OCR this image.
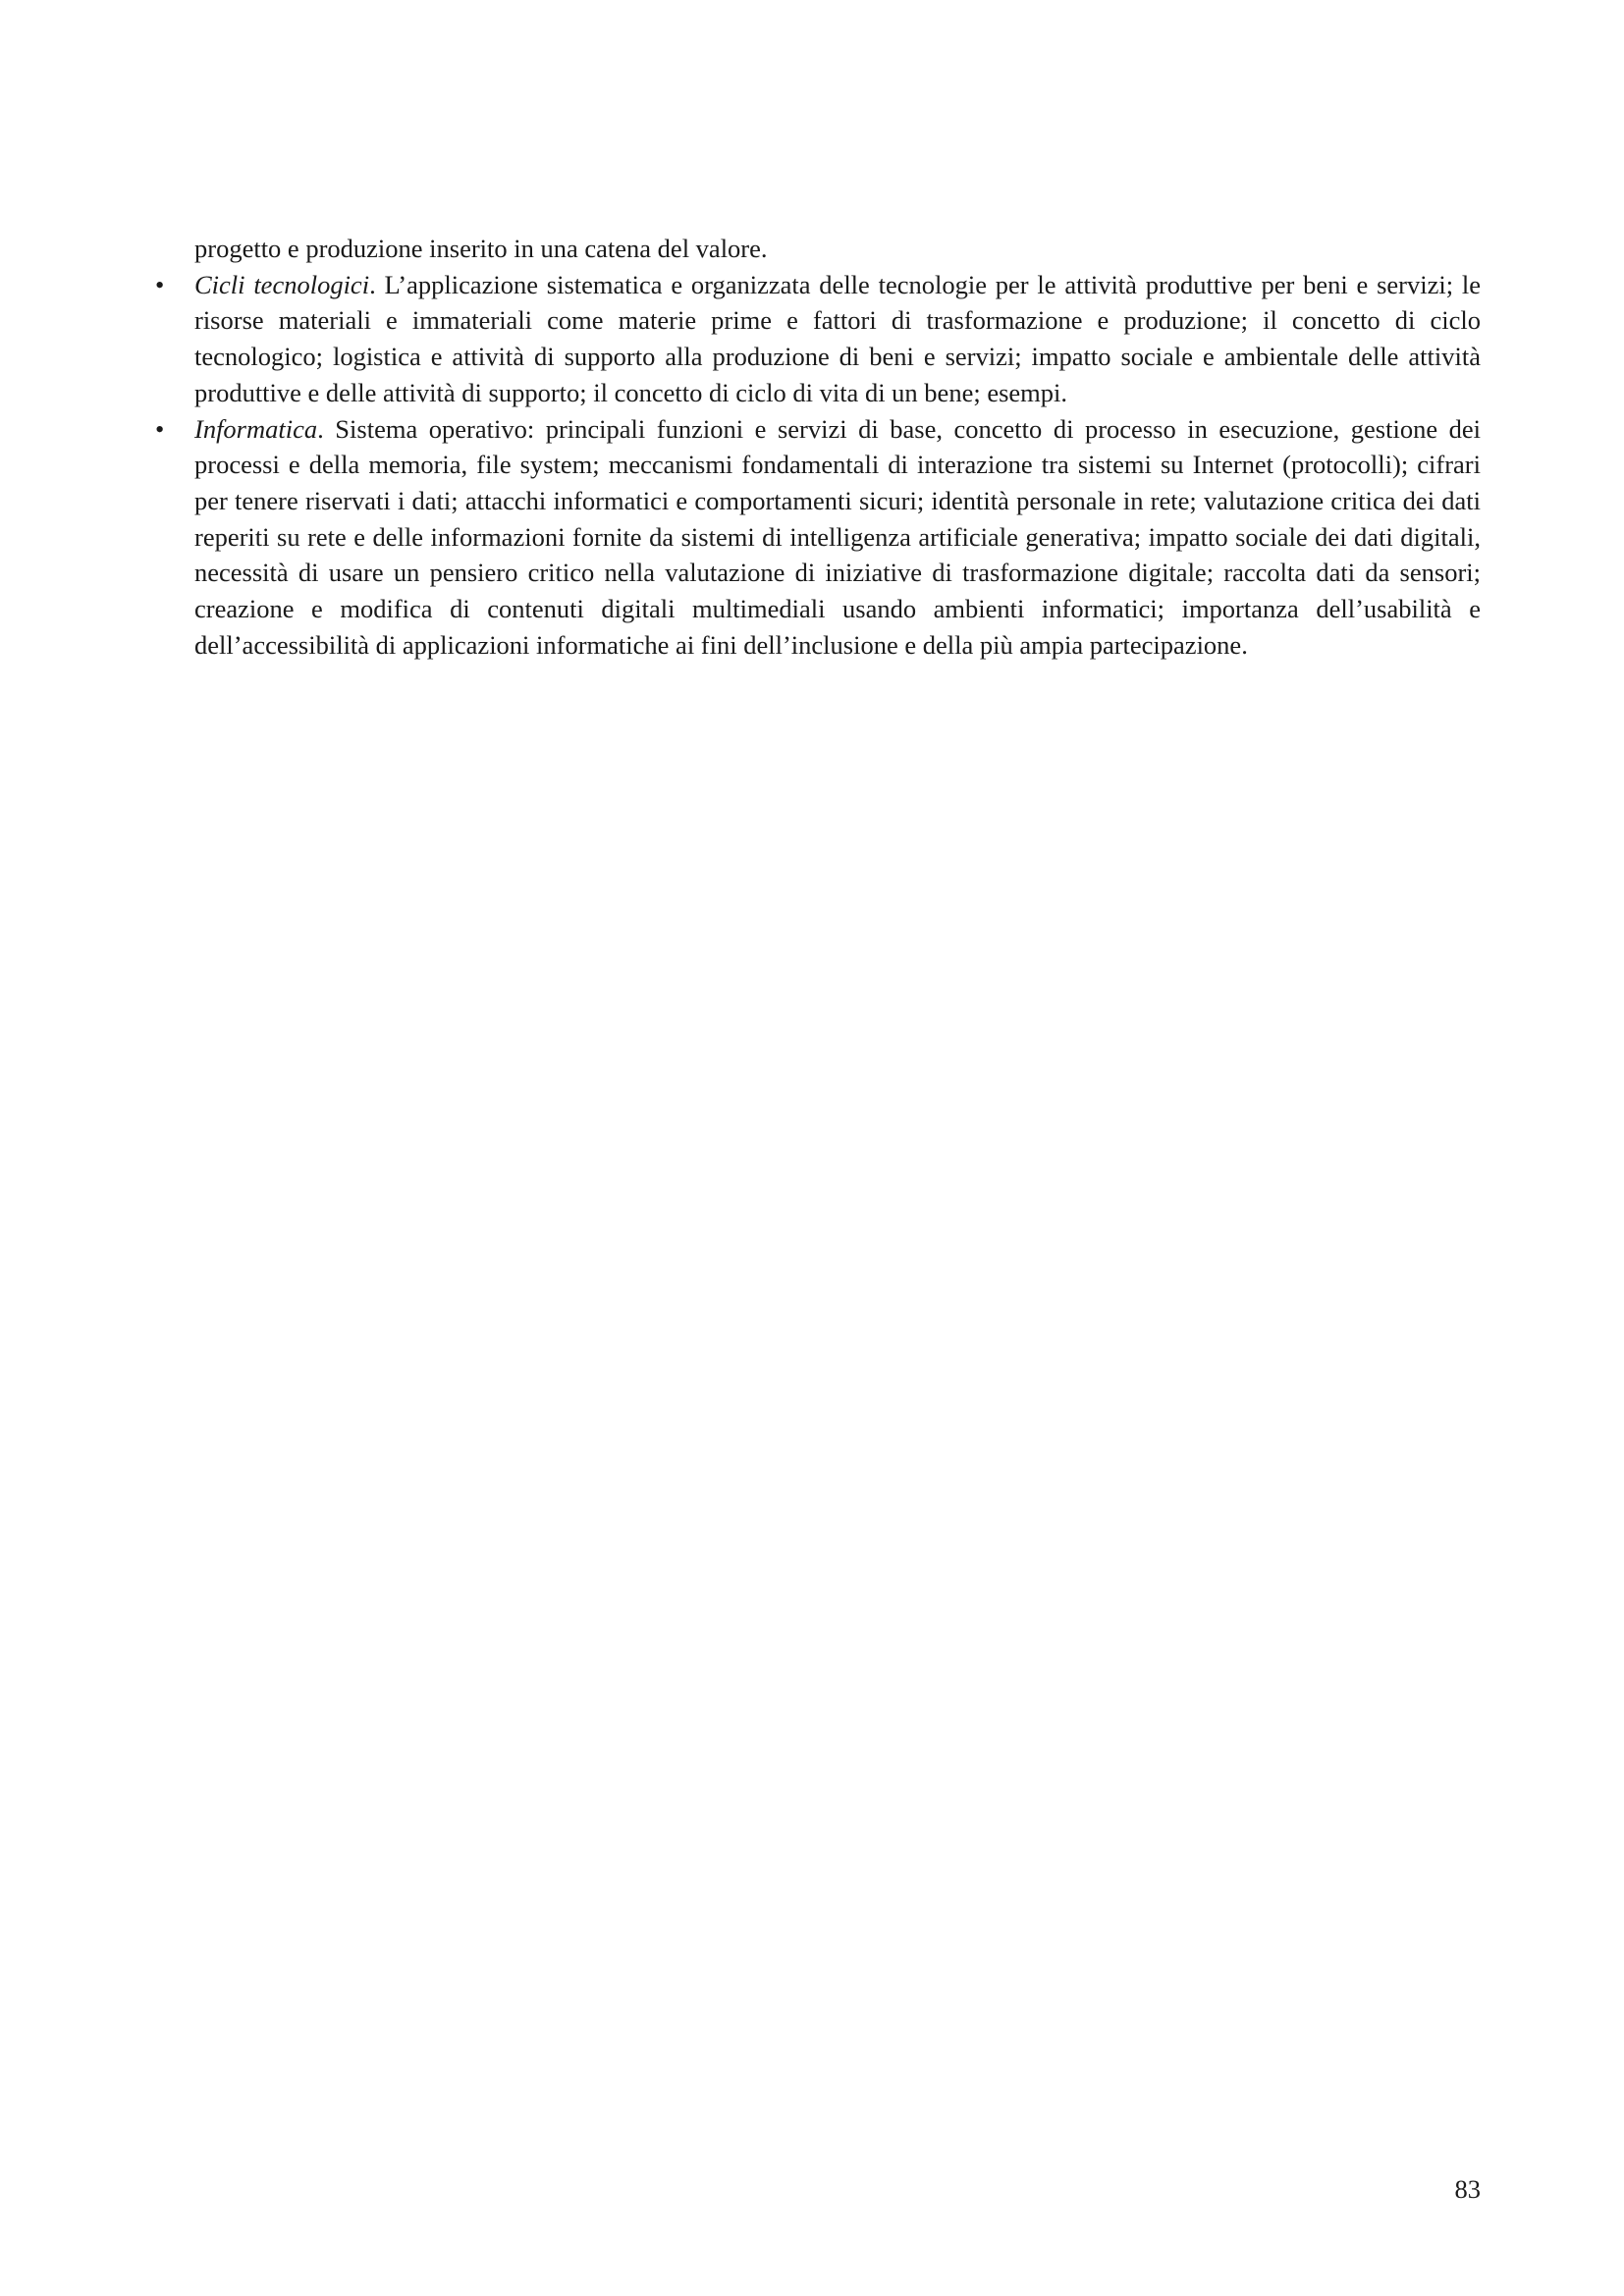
progetto e produzione inserito in una catena del valore.

• Cicli tecnologici. L’applicazione sistematica e organizzata delle tecnologie per le attività produttive per beni e servizi; le risorse materiali e immateriali come materie prime e fattori di trasformazione e produzione; il concetto di ciclo tecnologico; logistica e attività di supporto alla produzione di beni e servizi; impatto sociale e ambientale delle attività produttive e delle attività di supporto; il concetto di ciclo di vita di un bene; esempi.
• Informatica. Sistema operativo: principali funzioni e servizi di base, concetto di processo in esecuzione, gestione dei processi e della memoria, file system; meccanismi fondamentali di interazione tra sistemi su Internet (protocolli); cifrari per tenere riservati i dati; attacchi informatici e comportamenti sicuri; identità personale in rete; valutazione critica dei dati reperiti su rete e delle informazioni fornite da sistemi di intelligenza artificiale generativa; impatto sociale dei dati digitali, necessità di usare un pensiero critico nella valutazione di iniziative di trasformazione digitale; raccolta dati da sensori; creazione e modifica di contenuti digitali multimediali usando ambienti informatici; importanza dell’usabilità e dell’accessibilità di applicazioni informatiche ai fini dell’inclusione e della più ampia partecipazione.
83
